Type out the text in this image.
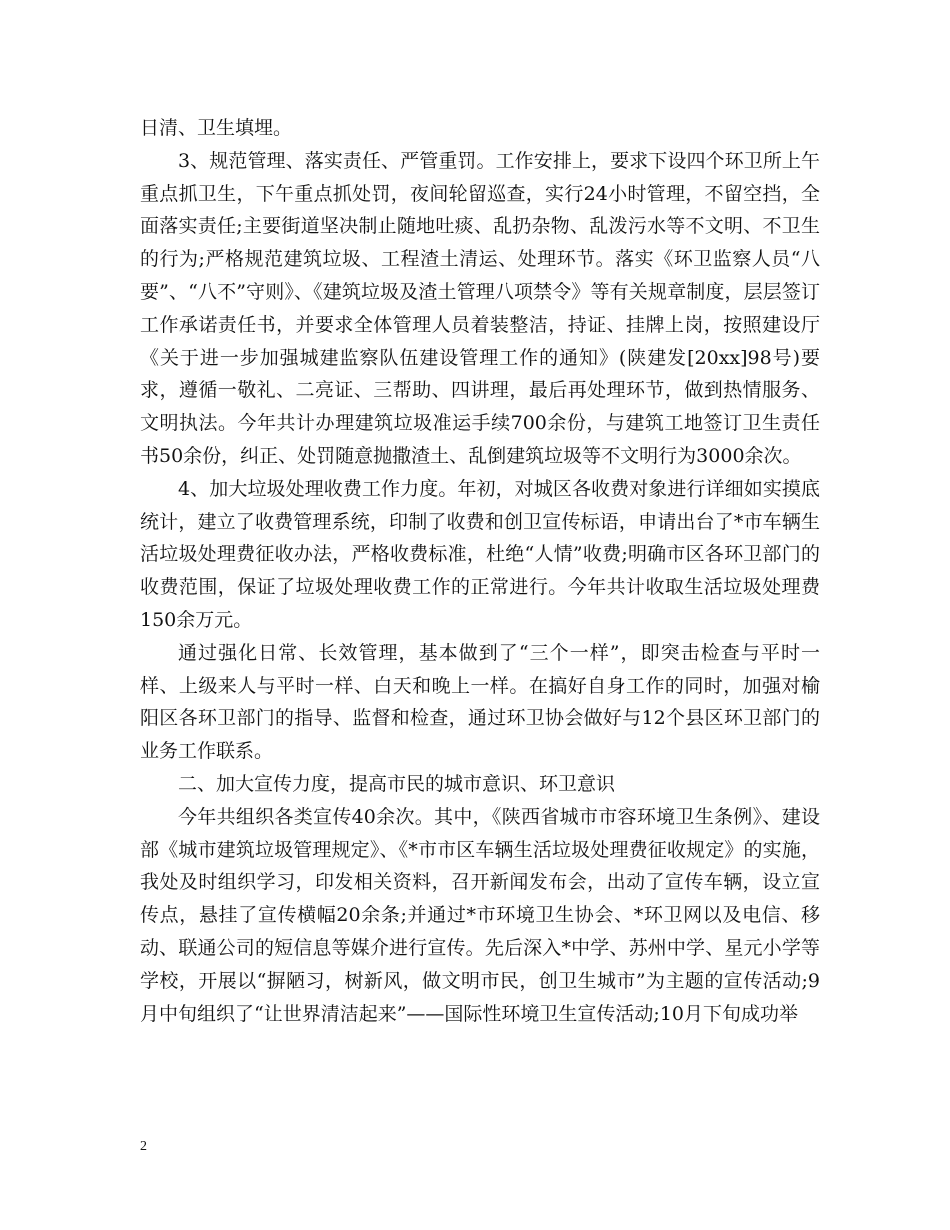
日清、卫生填埋。

3、规范管理、落实责任、严管重罚。工作安排上，要求下设四个环卫所上午重点抓卫生，下午重点抓处罚，夜间轮留巡查，实行24小时管理，不留空挡，全面落实责任;主要街道坚决制止随地吐痰、乱扔杂物、乱泼污水等不文明、不卫生的行为;严格规范建筑垃圾、工程渣土清运、处理环节。落实《环卫监察人员“八要”、“八不”守则》、《建筑垃圾及渣土管理八项禁令》等有关规章制度，层层签订工作承诺责任书，并要求全体管理人员着装整洁，持证、挂牌上岗，按照建设厅《关于进一步加强城建监察队伍建设管理工作的通知》(陕建发[20xx]98号)要求，遵循一敬礼、二亮证、三帮助、四讲理，最后再处理环节，做到热情服务、文明执法。今年共计办理建筑垃圾准运手续700余份，与建筑工地签订卫生责任书50余份，纠正、处罚随意抛撒渣土、乱倒建筑垃圾等不文明行为3000余次。

4、加大垃圾处理收费工作力度。年初，对城区各收费对象进行详细如实摸底统计，建立了收费管理系统，印制了收费和创卫宣传标语，申请出台了*市车辆生活垃圾处理费征收办法，严格收费标准，杜绝“人情”收费;明确市区各环卫部门的收费范围，保证了垃圾处理收费工作的正常进行。今年共计收取生活垃圾处理费150余万元。

通过强化日常、长效管理，基本做到了“三个一样”，即突击检查与平时一样、上级来人与平时一样、白天和晚上一样。在搞好自身工作的同时，加强对榆阳区各环卫部门的指导、监督和检查，通过环卫协会做好与12个县区环卫部门的业务工作联系。

二、加大宣传力度，提高市民的城市意识、环卫意识

今年共组织各类宣传40余次。其中，《陕西省城市市容环境卫生条例》、建设部《城市建筑垃圾管理规定》、《*市市区车辆生活垃圾处理费征收规定》的实施，我处及时组织学习，印发相关资料，召开新闻发布会，出动了宣传车辆，设立宣传点，悬挂了宣传横幅20余条;并通过*市环境卫生协会、*环卫网以及电信、移动、联通公司的短信息等媒介进行宣传。先后深入*中学、苏州中学、星元小学等学校，开展以“摒陋习，树新风，做文明市民，创卫生城市”为主题的宣传活动;9月中旬组织了“让世界清洁起来”——国际性环境卫生宣传活动;10月下旬成功举

2
